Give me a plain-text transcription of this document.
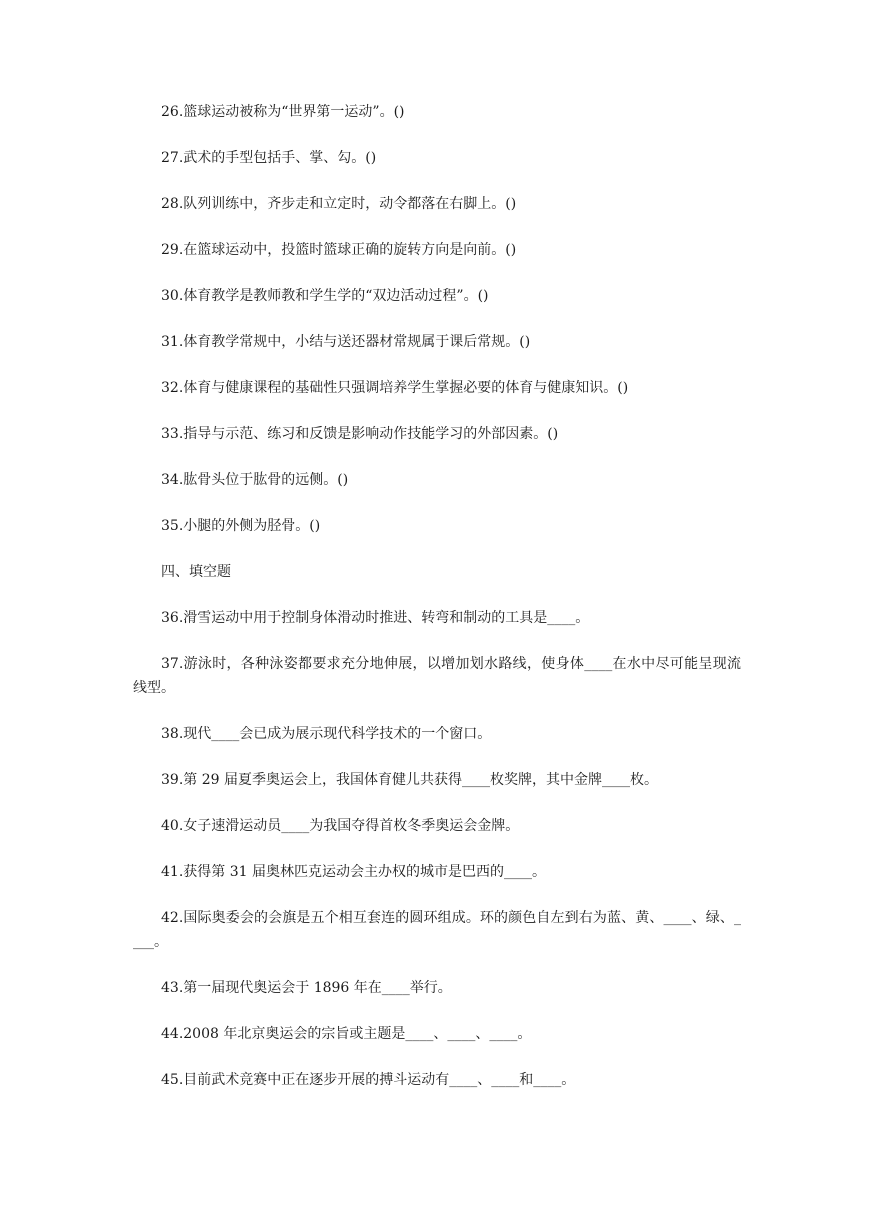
26.篮球运动被称为“世界第一运动”。()

27.武术的手型包括手、掌、勾。()

28.队列训练中，齐步走和立定时，动令都落在右脚上。()

29.在篮球运动中，投篮时篮球正确的旋转方向是向前。()

30.体育教学是教师教和学生学的“双边活动过程”。()

31.体育教学常规中，小结与送还器材常规属于课后常规。()

32.体育与健康课程的基础性只强调培养学生掌握必要的体育与健康知识。()

33.指导与示范、练习和反馈是影响动作技能学习的外部因素。()

34.肱骨头位于肱骨的远侧。()

35.小腿的外侧为胫骨。()

四、填空题

36.滑雪运动中用于控制身体滑动时推进、转弯和制动的工具是____。

37.游泳时，各种泳姿都要求充分地伸展，以增加划水路线，使身体____在水中尽可能呈现流线型。

38.现代____会已成为展示现代科学技术的一个窗口。

39.第 29 届夏季奥运会上，我国体育健儿共获得____枚奖牌，其中金牌____枚。

40.女子速滑运动员____为我国夺得首枚冬季奥运会金牌。

41.获得第 31 届奥林匹克运动会主办权的城市是巴西的____。

42.国际奥委会的会旗是五个相互套连的圆环组成。环的颜色自左到右为蓝、黄、____、绿、____。

43.第一届现代奥运会于 1896 年在____举行。

44.2008 年北京奥运会的宗旨或主题是____、____、____。

45.目前武术竞赛中正在逐步开展的搏斗运动有____、____和____。
